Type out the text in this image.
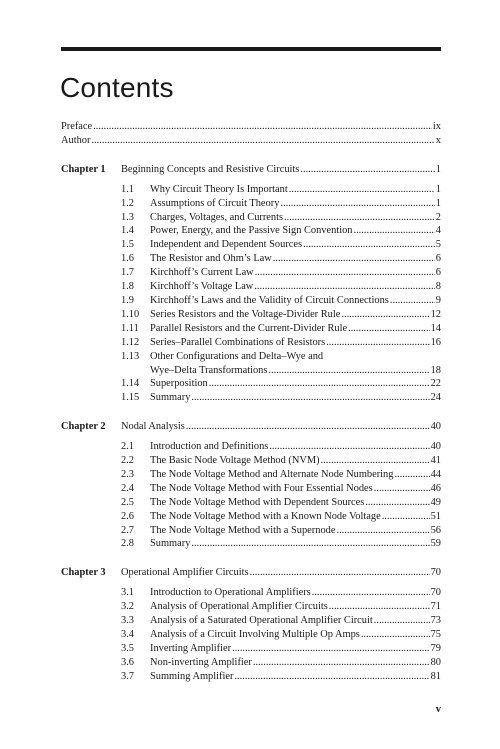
Contents
Preface .....	ix
Author .....	x
Chapter 1	Beginning Concepts and Resistive Circuits .....	1
1.1	Why Circuit Theory Is Important .....	1
1.2	Assumptions of Circuit Theory .....	1
1.3	Charges, Voltages, and Currents .....	2
1.4	Power, Energy, and the Passive Sign Convention .....	4
1.5	Independent and Dependent Sources .....	5
1.6	The Resistor and Ohm’s Law .....	6
1.7	Kirchhoff’s Current Law .....	6
1.8	Kirchhoff’s Voltage Law .....	8
1.9	Kirchhoff’s Laws and the Validity of Circuit Connections .....	9
1.10	Series Resistors and the Voltage-Divider Rule .....	12
1.11	Parallel Resistors and the Current-Divider Rule .....	14
1.12	Series–Parallel Combinations of Resistors .....	16
1.13	Other Configurations and Delta–Wye and
Wye–Delta Transformations .....	18
1.14	Superposition .....	22
1.15	Summary .....	24
Chapter 2	Nodal Analysis .....	40
2.1	Introduction and Definitions .....	40
2.2	The Basic Node Voltage Method (NVM) .....	41
2.3	The Node Voltage Method and Alternate Node Numbering .....	44
2.4	The Node Voltage Method with Four Essential Nodes .....	46
2.5	The Node Voltage Method with Dependent Sources .....	49
2.6	The Node Voltage Method with a Known Node Voltage .....	51
2.7	The Node Voltage Method with a Supernode .....	56
2.8	Summary .....	59
Chapter 3	Operational Amplifier Circuits .....	70
3.1	Introduction to Operational Amplifiers .....	70
3.2	Analysis of Operational Amplifier Circuits .....	71
3.3	Analysis of a Saturated Operational Amplifier Circuit .....	73
3.4	Analysis of a Circuit Involving Multiple Op Amps .....	75
3.5	Inverting Amplifier .....	79
3.6	Non-inverting Amplifier .....	80
3.7	Summing Amplifier .....	81
v
